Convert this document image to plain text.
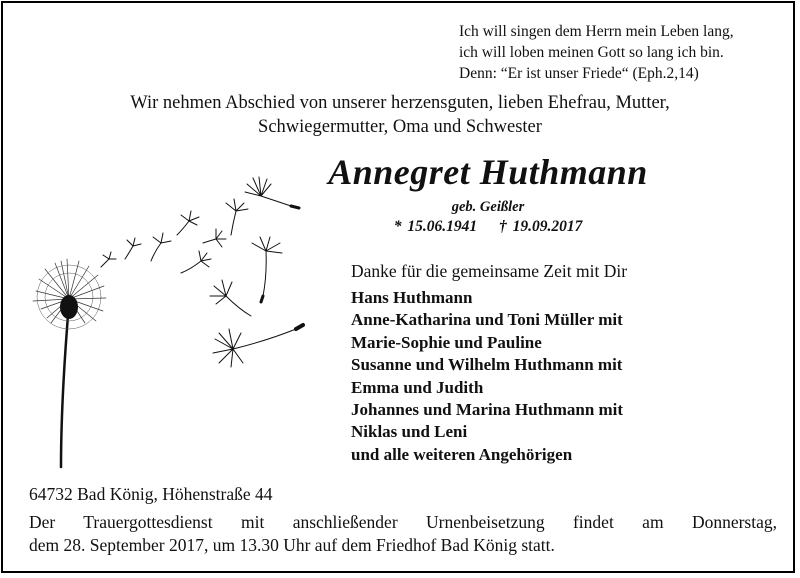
Ich will singen dem Herrn mein Leben lang,
ich will loben meinen Gott so lang ich bin.
Denn: “Er ist unser Friede“ (Eph.2,14)
Wir nehmen Abschied von unserer herzensguten, lieben Ehefrau, Mutter,
Schwiegermutter, Oma und Schwester
Annegret Huthmann
geb. Geißler
* 15.06.1941 † 19.09.2017
Danke für die gemeinsame Zeit mit Dir
Hans Huthmann
Anne-Katharina und Toni Müller mit
Marie-Sophie und Pauline
Susanne und Wilhelm Huthmann mit
Emma und Judith
Johannes und Marina Huthmann mit
Niklas und Leni
und alle weiteren Angehörigen
64732 Bad König, Höhenstraße 44
Der Trauergottesdienst mit anschließender Urnenbeisetzung findet am Donnerstag,
dem 28. September 2017, um 13.30 Uhr auf dem Friedhof Bad König statt.
